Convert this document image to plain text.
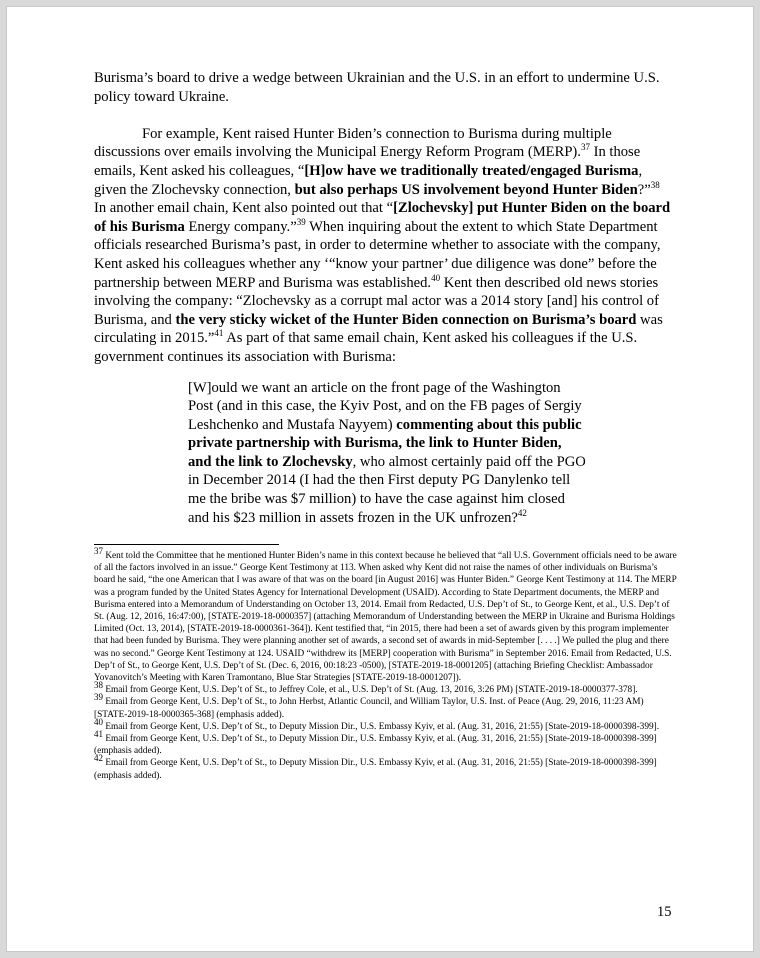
Burisma’s board to drive a wedge between Ukrainian and the U.S. in an effort to undermine U.S. policy toward Ukraine.

For example, Kent raised Hunter Biden’s connection to Burisma during multiple discussions over emails involving the Municipal Energy Reform Program (MERP).$^{37}$ In those emails, Kent asked his colleagues, “[H]ow have we traditionally treated/engaged Burisma, given the Zlochevsky connection, but also perhaps US involvement beyond Hunter Biden?”$^{38}$ In another email chain, Kent also pointed out that “[Zlochevsky] put Hunter Biden on the board of his Burisma Energy company.”$^{39}$ When inquiring about the extent to which State Department officials researched Burisma’s past, in order to determine whether to associate with the company, Kent asked his colleagues whether any ‘“know your partner’ due diligence was done” before the partnership between MERP and Burisma was established.$^{40}$ Kent then described old news stories involving the company: “Zlochevsky as a corrupt mal actor was a 2014 story [and] his control of Burisma, and the very sticky wicket of the Hunter Biden connection on Burisma’s board was circulating in 2015.”$^{41}$ As part of that same email chain, Kent asked his colleagues if the U.S. government continues its association with Burisma:

[W]ould we want an article on the front page of the Washington Post (and in this case, the Kyiv Post, and on the FB pages of Sergiy Leshchenko and Mustafa Nayyem) commenting about this public private partnership with Burisma, the link to Hunter Biden, and the link to Zlochevsky, who almost certainly paid off the PGO in December 2014 (I had the then First deputy PG Danylenko tell me the bribe was $7 million) to have the case against him closed and his $23 million in assets frozen in the UK unfrozen?$^{42}$

$^{37}$ Kent told the Committee that he mentioned Hunter Biden’s name in this context because he believed that “all U.S. Government officials need to be aware of all the factors involved in an issue.” George Kent Testimony at 113. When asked why Kent did not raise the names of other individuals on Burisma’s board he said, “the one American that I was aware of that was on the board [in August 2016] was Hunter Biden.” George Kent Testimony at 114. The MERP was a program funded by the United States Agency for International Development (USAID). According to State Department documents, the MERP and Burisma entered into a Memorandum of Understanding on October 13, 2014. Email from Redacted, U.S. Dep’t of St., to George Kent, et al., U.S. Dep’t of St. (Aug. 12, 2016, 16:47:00), [STATE-2019-18-0000357] (attaching Memorandum of Understanding between the MERP in Ukraine and Burisma Holdings Limited (Oct. 13, 2014), [STATE-2019-18-0000361-364]). Kent testified that, “in 2015, there had been a set of awards given by this program implementer that had been funded by Burisma. They were planning another set of awards, a second set of awards in mid-September [. . . .] We pulled the plug and there was no second.” George Kent Testimony at 124. USAID “withdrew its [MERP] cooperation with Burisma” in September 2016. Email from Redacted, U.S. Dep’t of St., to George Kent, U.S. Dep’t of St. (Dec. 6, 2016, 00:18:23 -0500), [STATE-2019-18-0001205] (attaching Briefing Checklist: Ambassador Yovanovitch’s Meeting with Karen Tramontano, Blue Star Strategies [STATE-2019-18-0001207]).

$^{38}$ Email from George Kent, U.S. Dep’t of St., to Jeffrey Cole, et al., U.S. Dep’t of St. (Aug. 13, 2016, 3:26 PM) [STATE-2019-18-0000377-378].

$^{39}$ Email from George Kent, U.S. Dep’t of St., to John Herbst, Atlantic Council, and William Taylor, U.S. Inst. of Peace (Aug. 29, 2016, 11:23 AM) [STATE-2019-18-0000365-368] (emphasis added).

$^{40}$ Email from George Kent, U.S. Dep’t of St., to Deputy Mission Dir., U.S. Embassy Kyiv, et al. (Aug. 31, 2016, 21:55) [State-2019-18-0000398-399].

$^{41}$ Email from George Kent, U.S. Dep’t of St., to Deputy Mission Dir., U.S. Embassy Kyiv, et al. (Aug. 31, 2016, 21:55) [State-2019-18-0000398-399] (emphasis added).

$^{42}$ Email from George Kent, U.S. Dep’t of St., to Deputy Mission Dir., U.S. Embassy Kyiv, et al. (Aug. 31, 2016, 21:55) [State-2019-18-0000398-399] (emphasis added).

15
